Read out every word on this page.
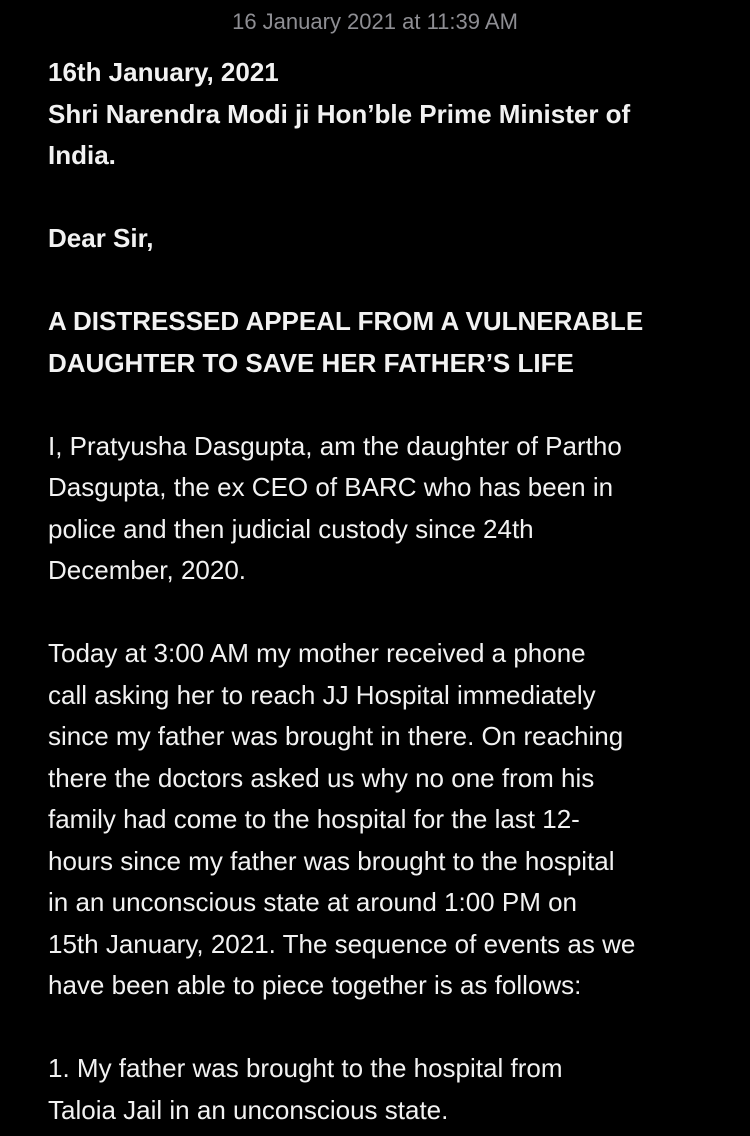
16 January 2021 at 11:39 AM

16th January, 2021

Shri Narendra Modi ji Hon’ble Prime Minister of

India.

Dear Sir,

A DISTRESSED APPEAL FROM A VULNERABLE

DAUGHTER TO SAVE HER FATHER’S LIFE

I, Pratyusha Dasgupta, am the daughter of Partho

Dasgupta, the ex CEO of BARC who has been in

police and then judicial custody since 24th

December, 2020.

Today at 3:00 AM my mother received a phone

call asking her to reach JJ Hospital immediately

since my father was brought in there. On reaching

there the doctors asked us why no one from his

family had come to the hospital for the last 12-

hours since my father was brought to the hospital

in an unconscious state at around 1:00 PM on

15th January, 2021. The sequence of events as we

have been able to piece together is as follows:

1. My father was brought to the hospital from

Taloia Jail in an unconscious state.
